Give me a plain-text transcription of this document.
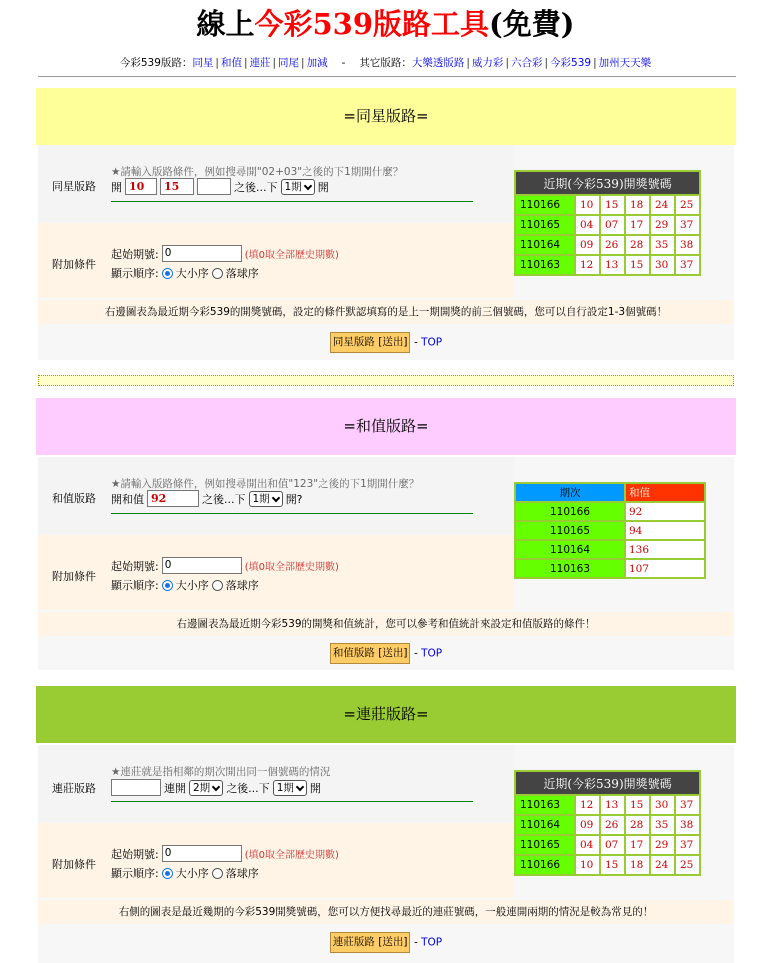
線上今彩539版路工具(免費)
今彩539版路：同星 | 和值 | 連莊 | 同尾 | 加減 - 其它版路：大樂透版路 | 威力彩 | 六合彩 | 今彩539 | 加州天天樂
=同星版路=
同星版路
★請輸入版路條件，例如搜尋開"02+03"之後的下1期開什麼？
開 10	15	之後...下 1期 開
附加條件
起始期號: 0	(填0取全部歷史期數)
顯示順序: 大小序 落球序
右邊圖表為最近期今彩539的開獎號碼，設定的條件默認填寫的是上一期開獎的前三個號碼，您可以自行設定1-3個號碼！
同星版路 [送出] - TOP
近期(今彩539)開獎號碼					
110166	10	15	18	24	25
110165	04	07	17	29	37
110164	09	26	28	35	38
110163	12	13	15	30	37
=和值版路=
和值版路
★請輸入版路條件，例如搜尋開出和值"123"之後的下1期開什麼？
開和值 92	之後...下 1期 開?
附加條件
起始期號: 0	(填0取全部歷史期數)
顯示順序: 大小序 落球序
右邊圖表為最近期今彩539的開獎和值統計，您可以參考和值統計來設定和值版路的條件！
和值版路 [送出] - TOP
期次	和值
110166	92
110165	94
110164	136
110163	107
=連莊版路=
連莊版路
★連莊就是指相鄰的期次開出同一個號碼的情況
連開 2期 之後...下 1期 開
附加條件
起始期號: 0	(填0取全部歷史期數)
顯示順序: 大小序 落球序
右側的圖表是最近幾期的今彩539開獎號碼，您可以方便找尋最近的連莊號碼，一般連開兩期的情況是較為常見的！
連莊版路 [送出] - TOP
近期(今彩539)開獎號碼					
110163	12	13	15	30	37
110164	09	26	28	35	38
110165	04	07	17	29	37
110166	10	15	18	24	25
